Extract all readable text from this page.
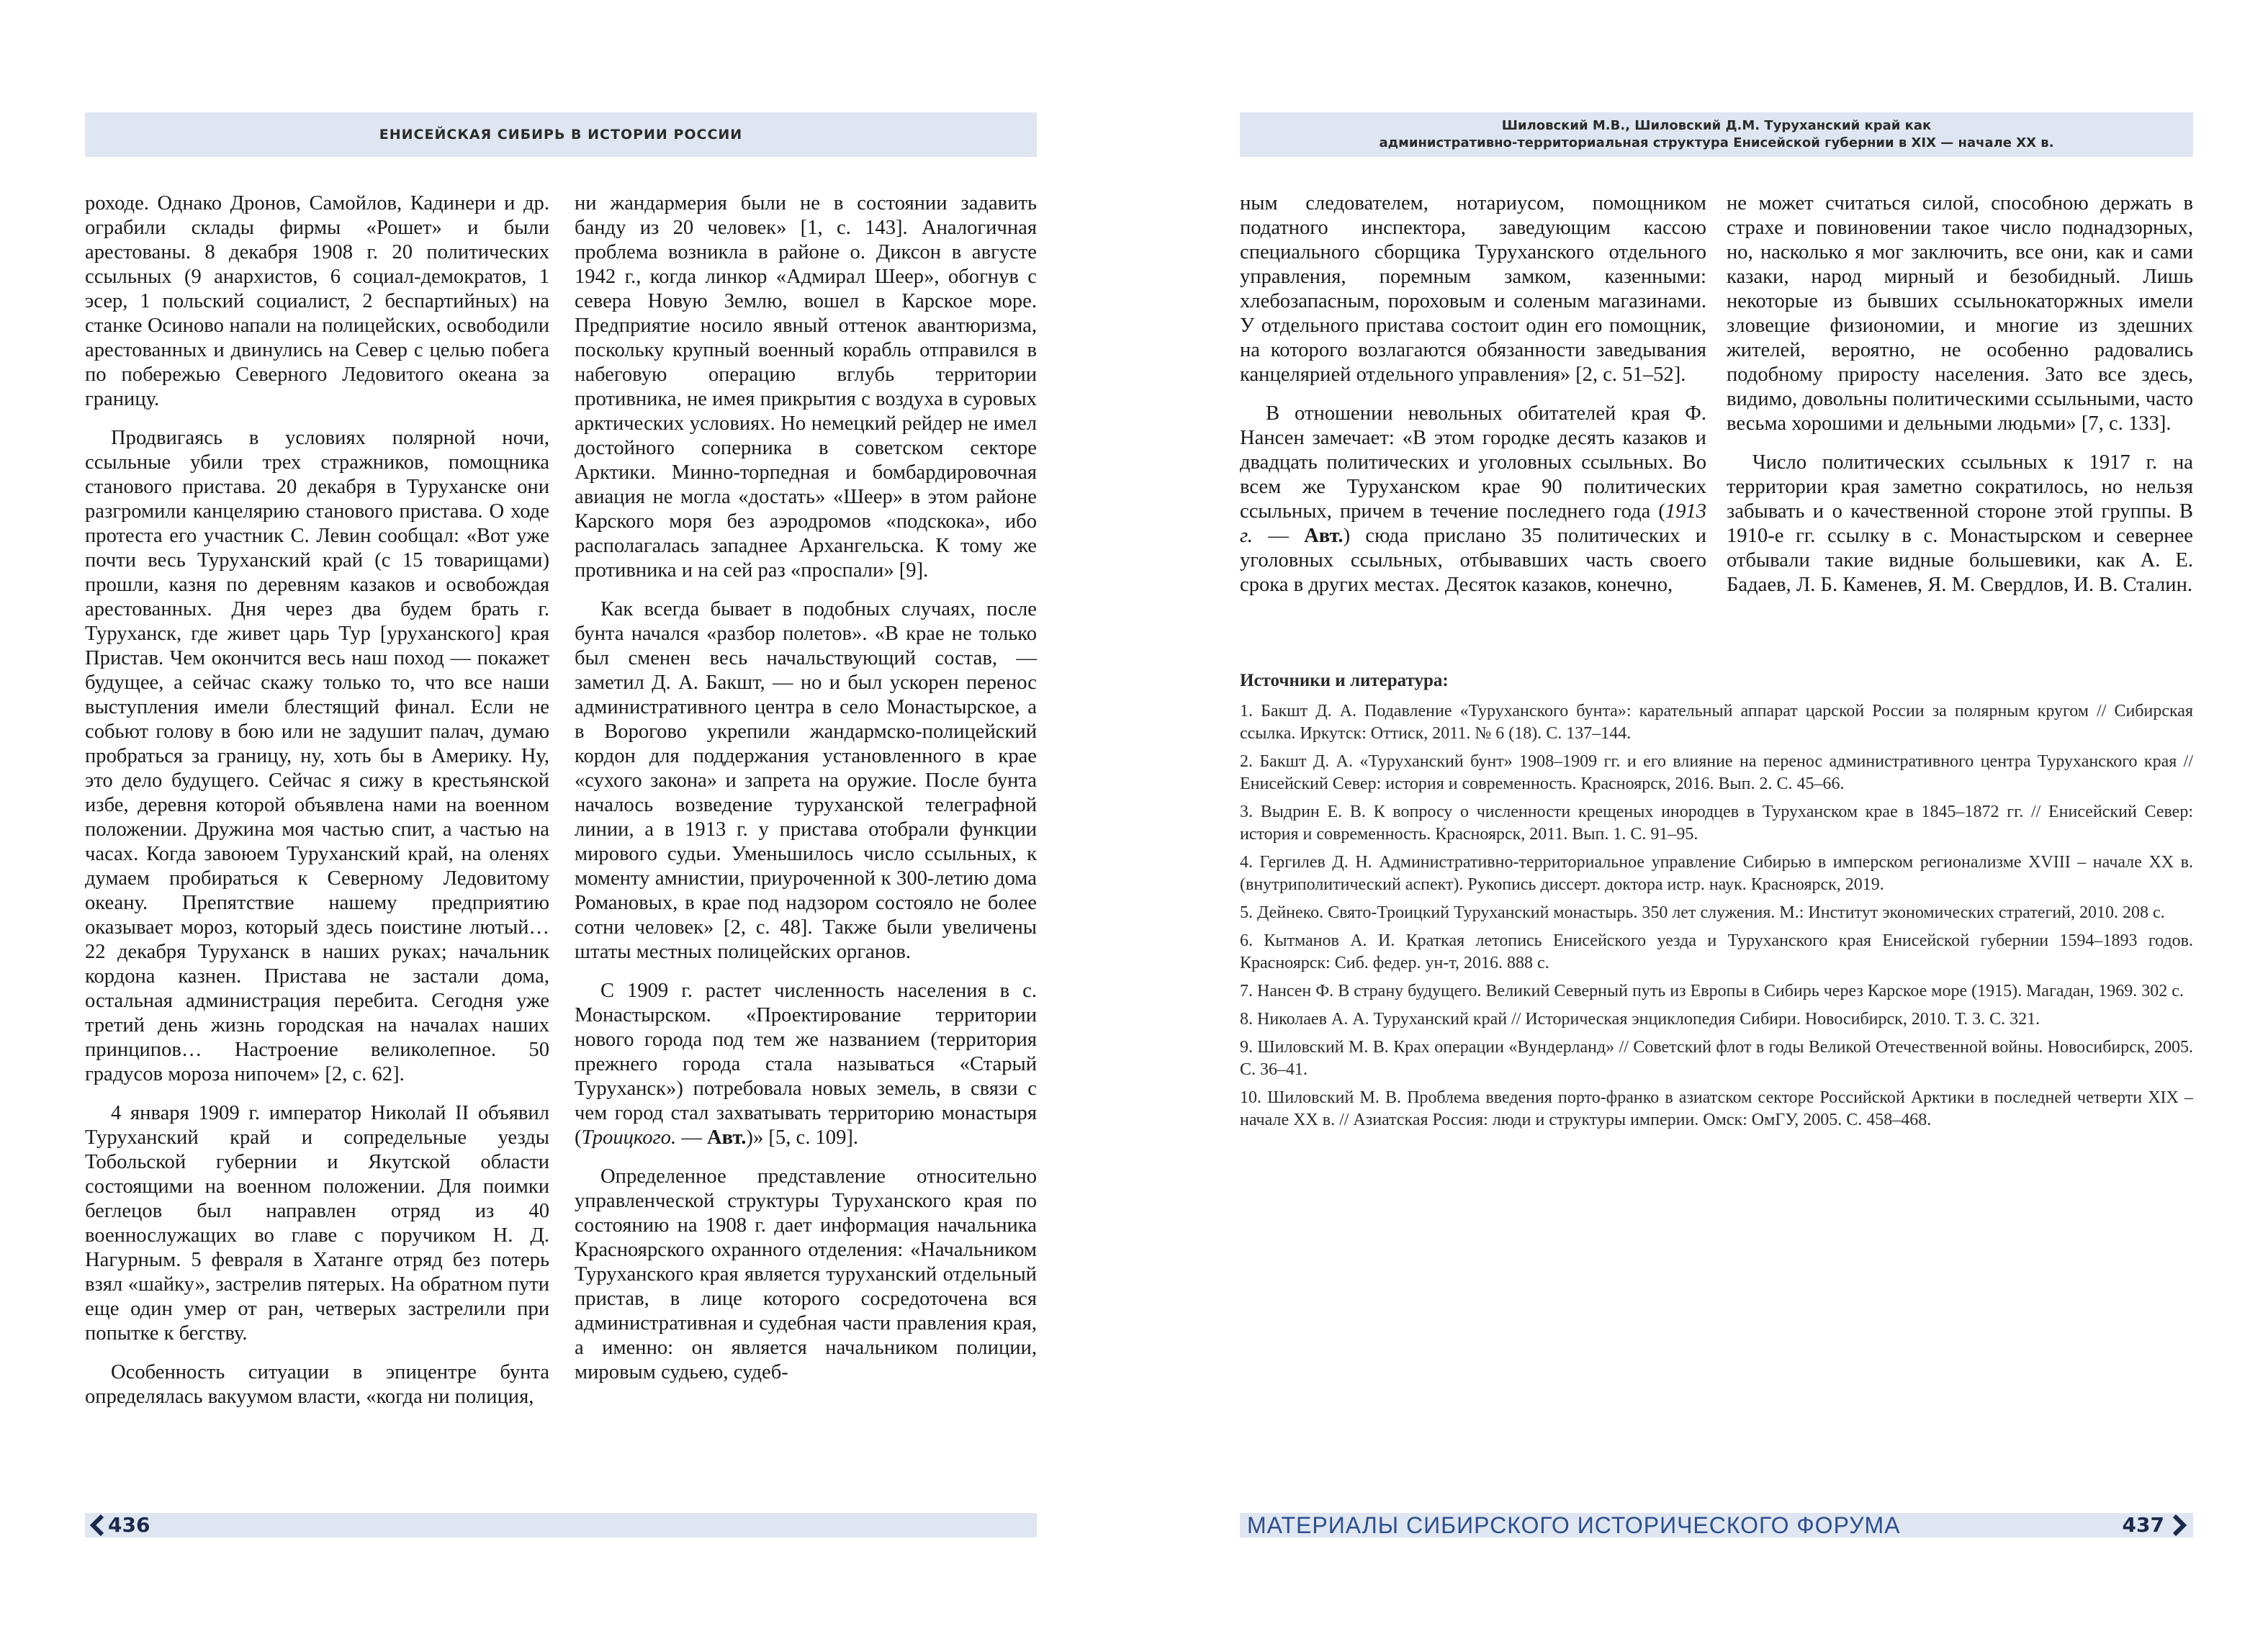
ЕНИСЕЙСКАЯ СИБИРЬ В ИСТОРИИ РОССИИ
Шиловский М.В., Шиловский Д.М. Туруханский край как
административно-территориальная структура Енисейской губернии в XIX — начале XX в.

роходе. Однако Дронов, Самойлов, Кадинери и др. ограбили склады фирмы «Рошет» и были арестованы. 8 декабря 1908 г. 20 политических ссыльных (9 анархистов, 6 социал-демократов, 1 эсер, 1 польский социалист, 2 беспартийных) на станке Осиново напали на полицейских, освободили арестованных и двинулись на Север с целью побега по побережью Северного Ледовитого океана за границу.

Продвигаясь в условиях полярной ночи, ссыльные убили трех стражников, помощника станового пристава. 20 декабря в Туруханске они разгромили канцелярию станового пристава. О ходе протеста его участник С. Левин сообщал: «Вот уже почти весь Туруханский край (с 15 товарищами) прошли, казня по деревням казаков и освобождая арестованных. Дня через два будем брать г. Туруханск, где живет царь Тур [уруханского] края Пристав. Чем окончится весь наш поход — покажет будущее, а сейчас скажу только то, что все наши выступления имели блестящий финал. Если не собьют голову в бою или не задушит палач, думаю пробраться за границу, ну, хоть бы в Америку. Ну, это дело будущего. Сейчас я сижу в крестьянской избе, деревня которой объявлена нами на военном положении. Дружина моя частью спит, а частью на часах. Когда завоюем Туруханский край, на оленях думаем пробираться к Северному Ледовитому океану. Препятствие нашему предприятию оказывает мороз, который здесь поистине лютый… 22 декабря Туруханск в наших руках; начальник кордона казнен. Пристава не застали дома, остальная администрация перебита. Сегодня уже третий день жизнь городская на началах наших принципов… Настроение великолепное. 50 градусов мороза нипочем» [2, с. 62].

4 января 1909 г. император Николай II объявил Туруханский край и сопредельные уезды Тобольской губернии и Якутской области состоящими на военном положении. Для поимки беглецов был направлен отряд из 40 военнослужащих во главе с поручиком Н. Д. Нагурным. 5 февраля в Хатанге отряд без потерь взял «шайку», застрелив пятерых. На обратном пути еще один умер от ран, четверых застрелили при попытке к бегству.

Особенность ситуации в эпицентре бунта определялась вакуумом власти, «когда ни полиция,

ни жандармерия были не в состоянии задавить банду из 20 человек» [1, с. 143]. Аналогичная проблема возникла в районе о. Диксон в августе 1942 г., когда линкор «Адмирал Шеер», обогнув с севера Новую Землю, вошел в Карское море. Предприятие носило явный оттенок авантюризма, поскольку крупный военный корабль отправился в набеговую операцию вглубь территории противника, не имея прикрытия с воздуха в суровых арктических условиях. Но немецкий рейдер не имел достойного соперника в советском секторе Арктики. Минно-торпедная и бомбардировочная авиация не могла «достать» «Шеер» в этом районе Карского моря без аэродромов «подскока», ибо располагалась западнее Архангельска. К тому же противника и на сей раз «проспали» [9].

Как всегда бывает в подобных случаях, после бунта начался «разбор полетов». «В крае не только был сменен весь начальствующий состав, — заметил Д. А. Бакшт, — но и был ускорен перенос административного центра в село Монастырское, а в Ворогово укрепили жандармско-полицейский кордон для поддержания установленного в крае «сухого закона» и запрета на оружие. После бунта началось возведение туруханской телеграфной линии, а в 1913 г. у пристава отобрали функции мирового судьи. Уменьшилось число ссыльных, к моменту амнистии, приуроченной к 300-летию дома Романовых, в крае под надзором состояло не более сотни человек» [2, с. 48]. Также были увеличены штаты местных полицейских органов.

С 1909 г. растет численность населения в с. Монастырском. «Проектирование территории нового города под тем же названием (территория прежнего города стала называться «Старый Туруханск») потребовала новых земель, в связи с чем город стал захватывать территорию монастыря (Троицкого. — Авт.)» [5, с. 109].

Определенное представление относительно управленческой структуры Туруханского края по состоянию на 1908 г. дает информация начальника Красноярского охранного отделения: «Начальником Туруханского края является туруханский отдельный пристав, в лице которого сосредоточена вся административная и судебная части правления края, а именно: он является начальником полиции, мировым судьею, судеб-

ным следователем, нотариусом, помощником податного инспектора, заведующим кассою специального сборщика Туруханского отдельного управления, поремным замком, казенными: хлебозапасным, пороховым и соленым магазинами. У отдельного пристава состоит один его помощник, на которого возлагаются обязанности заведывания канцелярией отдельного управления» [2, с. 51–52].

В отношении невольных обитателей края Ф. Нансен замечает: «В этом городке десять казаков и двадцать политических и уголовных ссыльных. Во всем же Туруханском крае 90 политических ссыльных, причем в течение последнего года (1913 г. — Авт.) сюда прислано 35 политических и уголовных ссыльных, отбывавших часть своего срока в других местах. Десяток казаков, конечно,

не может считаться силой, способною держать в страхе и повиновении такое число поднадзорных, но, насколько я мог заключить, все они, как и сами казаки, народ мирный и безобидный. Лишь некоторые из бывших ссыльнокаторжных имели зловещие физиономии, и многие из здешних жителей, вероятно, не особенно радовались подобному приросту населения. Зато все здесь, видимо, довольны политическими ссыльными, часто весьма хорошими и дельными людьми» [7, с. 133].

Число политических ссыльных к 1917 г. на территории края заметно сократилось, но нельзя забывать и о качественной стороне этой группы. В 1910-е гг. ссылку в с. Монастырском и севернее отбывали такие видные большевики, как А. Е. Бадаев, Л. Б. Каменев, Я. М. Свердлов, И. В. Сталин.

Источники и литература:
1. Бакшт Д. А. Подавление «Туруханского бунта»: карательный аппарат царской России за полярным кругом // Сибирская ссылка. Иркутск: Оттиск, 2011. № 6 (18). С. 137–144.
2. Бакшт Д. А. «Туруханский бунт» 1908–1909 гг. и его влияние на перенос административного центра Туруханского края // Енисейский Север: история и современность. Красноярск, 2016. Вып. 2. С. 45–66.
3. Выдрин Е. В. К вопросу о численности крещеных инородцев в Туруханском крае в 1845–1872 гг. // Енисейский Север: история и современность. Красноярск, 2011. Вып. 1. С. 91–95.
4. Гергилев Д. Н. Административно-территориальное управление Сибирью в имперском регионализме XVIII – начале XX в. (внутриполитический аспект). Рукопись диссерт. доктора истр. наук. Красноярск, 2019.
5. Дейнеко. Свято-Троицкий Туруханский монастырь. 350 лет служения. М.: Институт экономических стратегий, 2010. 208 с.
6. Кытманов А. И. Краткая летопись Енисейского уезда и Туруханского края Енисейской губернии 1594–1893 годов. Красноярск: Сиб. федер. ун-т, 2016. 888 с.
7. Нансен Ф. В страну будущего. Великий Северный путь из Европы в Сибирь через Карское море (1915). Магадан, 1969. 302 с.
8. Николаев А. А. Туруханский край // Историческая энциклопедия Сибири. Новосибирск, 2010. Т. 3. С. 321.
9. Шиловский М. В. Крах операции «Вундерланд» // Советский флот в годы Великой Отечественной войны. Новосибирск, 2005. С. 36–41.
10. Шиловский М. В. Проблема введения порто-франко в азиатском секторе Российской Арктики в последней четверти XIX – начале XX в. // Азиатская Россия: люди и структуры империи. Омск: ОмГУ, 2005. С. 458–468.
436	МАТЕРИАЛЫ СИБИРСКОГО ИСТОРИЧЕСКОГО ФОРУМА	437
